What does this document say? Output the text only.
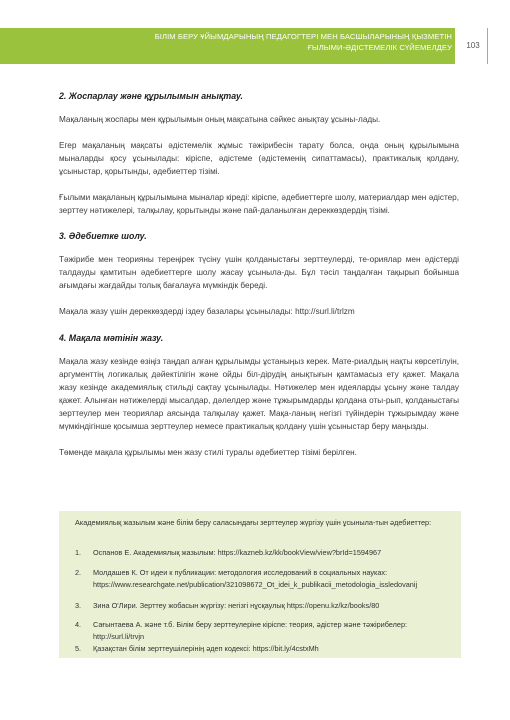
БІЛІМ БЕРУ ҰЙЫМДАРЫНЫҢ ПЕДАГОГТЕРІ МЕН БАСШЫЛАРЫНЫҢ ҚЫЗМЕТІН
ҒЫЛЫМИ-ӘДІСТЕМЕЛІК СҮЙЕМЕЛДЕУ	103
2. Жоспарлау және құрылымын анықтау.

Мақаланың жоспары мен құрылымын оның мақсатына сәйкес анықтау ұсыны-лады.

Егер мақаланың мақсаты әдістемелік жұмыс тәжірибесін тарату болса, онда оның құрылымына мыналарды қосу ұсынылады: кіріспе, әдістеме (әдістеменің сипаттамасы), практикалық қолдану, ұсыныстар, қорытынды, әдебиеттер тізімі.

Ғылыми мақаланың құрылымына мыналар кіреді: кіріспе, әдебиеттерге шолу, материалдар мен әдістер, зерттеу нәтижелері, талқылау, қорытынды және пай-даланылған дереккөздердің тізімі.

3. Әдебиетке шолу.

Тәжірибе мен теорияны тереңірек түсіну үшін қолданыстағы зерттеулерді, те-ориялар мен әдістерді талдауды қамтитын әдебиеттерге шолу жасау ұсыныла-ды. Бұл тәсіл таңдалған тақырып бойынша ағымдағы жағдайды толық бағалауға мүмкіндік береді.

Мақала жазу үшін дереккөздерді іздеу базалары ұсынылады: http://surl.li/trlzm

4. Мақала мәтінін жазу.

Мақала жазу кезінде өзіңіз таңдап алған құрылымды ұстаныңыз керек. Мате-риалдың нақты көрсетілуін, аргументтің логикалық дәйектілігін және ойды біл-дірудің анықтығын қамтамасыз ету қажет. Мақала жазу кезінде академиялық стильді сақтау ұсынылады. Нәтижелер мен идеяларды ұсыну және талдау қажет. Алынған нәтижелерді мысалдар, дәлелдер және тұжырымдарды қолдана оты-рып, қолданыстағы зерттеулер мен теориялар аясында талқылау қажет. Мақа-ланың негізгі түйіндерін тұжырымдау және мүмкіндігінше қосымша зерттеулер немесе практикалық қолдану үшін ұсыныстар беру маңызды.

Төменде мақала құрылымы мен жазу стилі туралы әдебиеттер тізімі берілген.

Академиялық жазылым және білім беру саласындағы зерттеулер жүргізу үшін ұсыныла-тын әдебиеттер:
1. Оспанов Е. Академиялық жазылым: https://kazneb.kz/kk/bookView/view?brId=1594967
2. Молдашев К. От идеи к публикации: методология исследований в социальных науках: https://www.researchgate.net/publication/321098672_Ot_idei_k_publikacii_metodologia_issledovanij
3. Зина О'Лири. Зерттеу жобасын жүргізу: негізгі нұсқаулық https://openu.kz/kz/books/80
4. Сағынтаева А. және т.б. Білім беру зерттеулеріне кіріспе: теория, әдістер және тәжірибелер: http://surl.li/trvjn
5. Қазақстан білім зерттеушілерінің әдеп кодексі: https://bit.ly/4cstxMh
